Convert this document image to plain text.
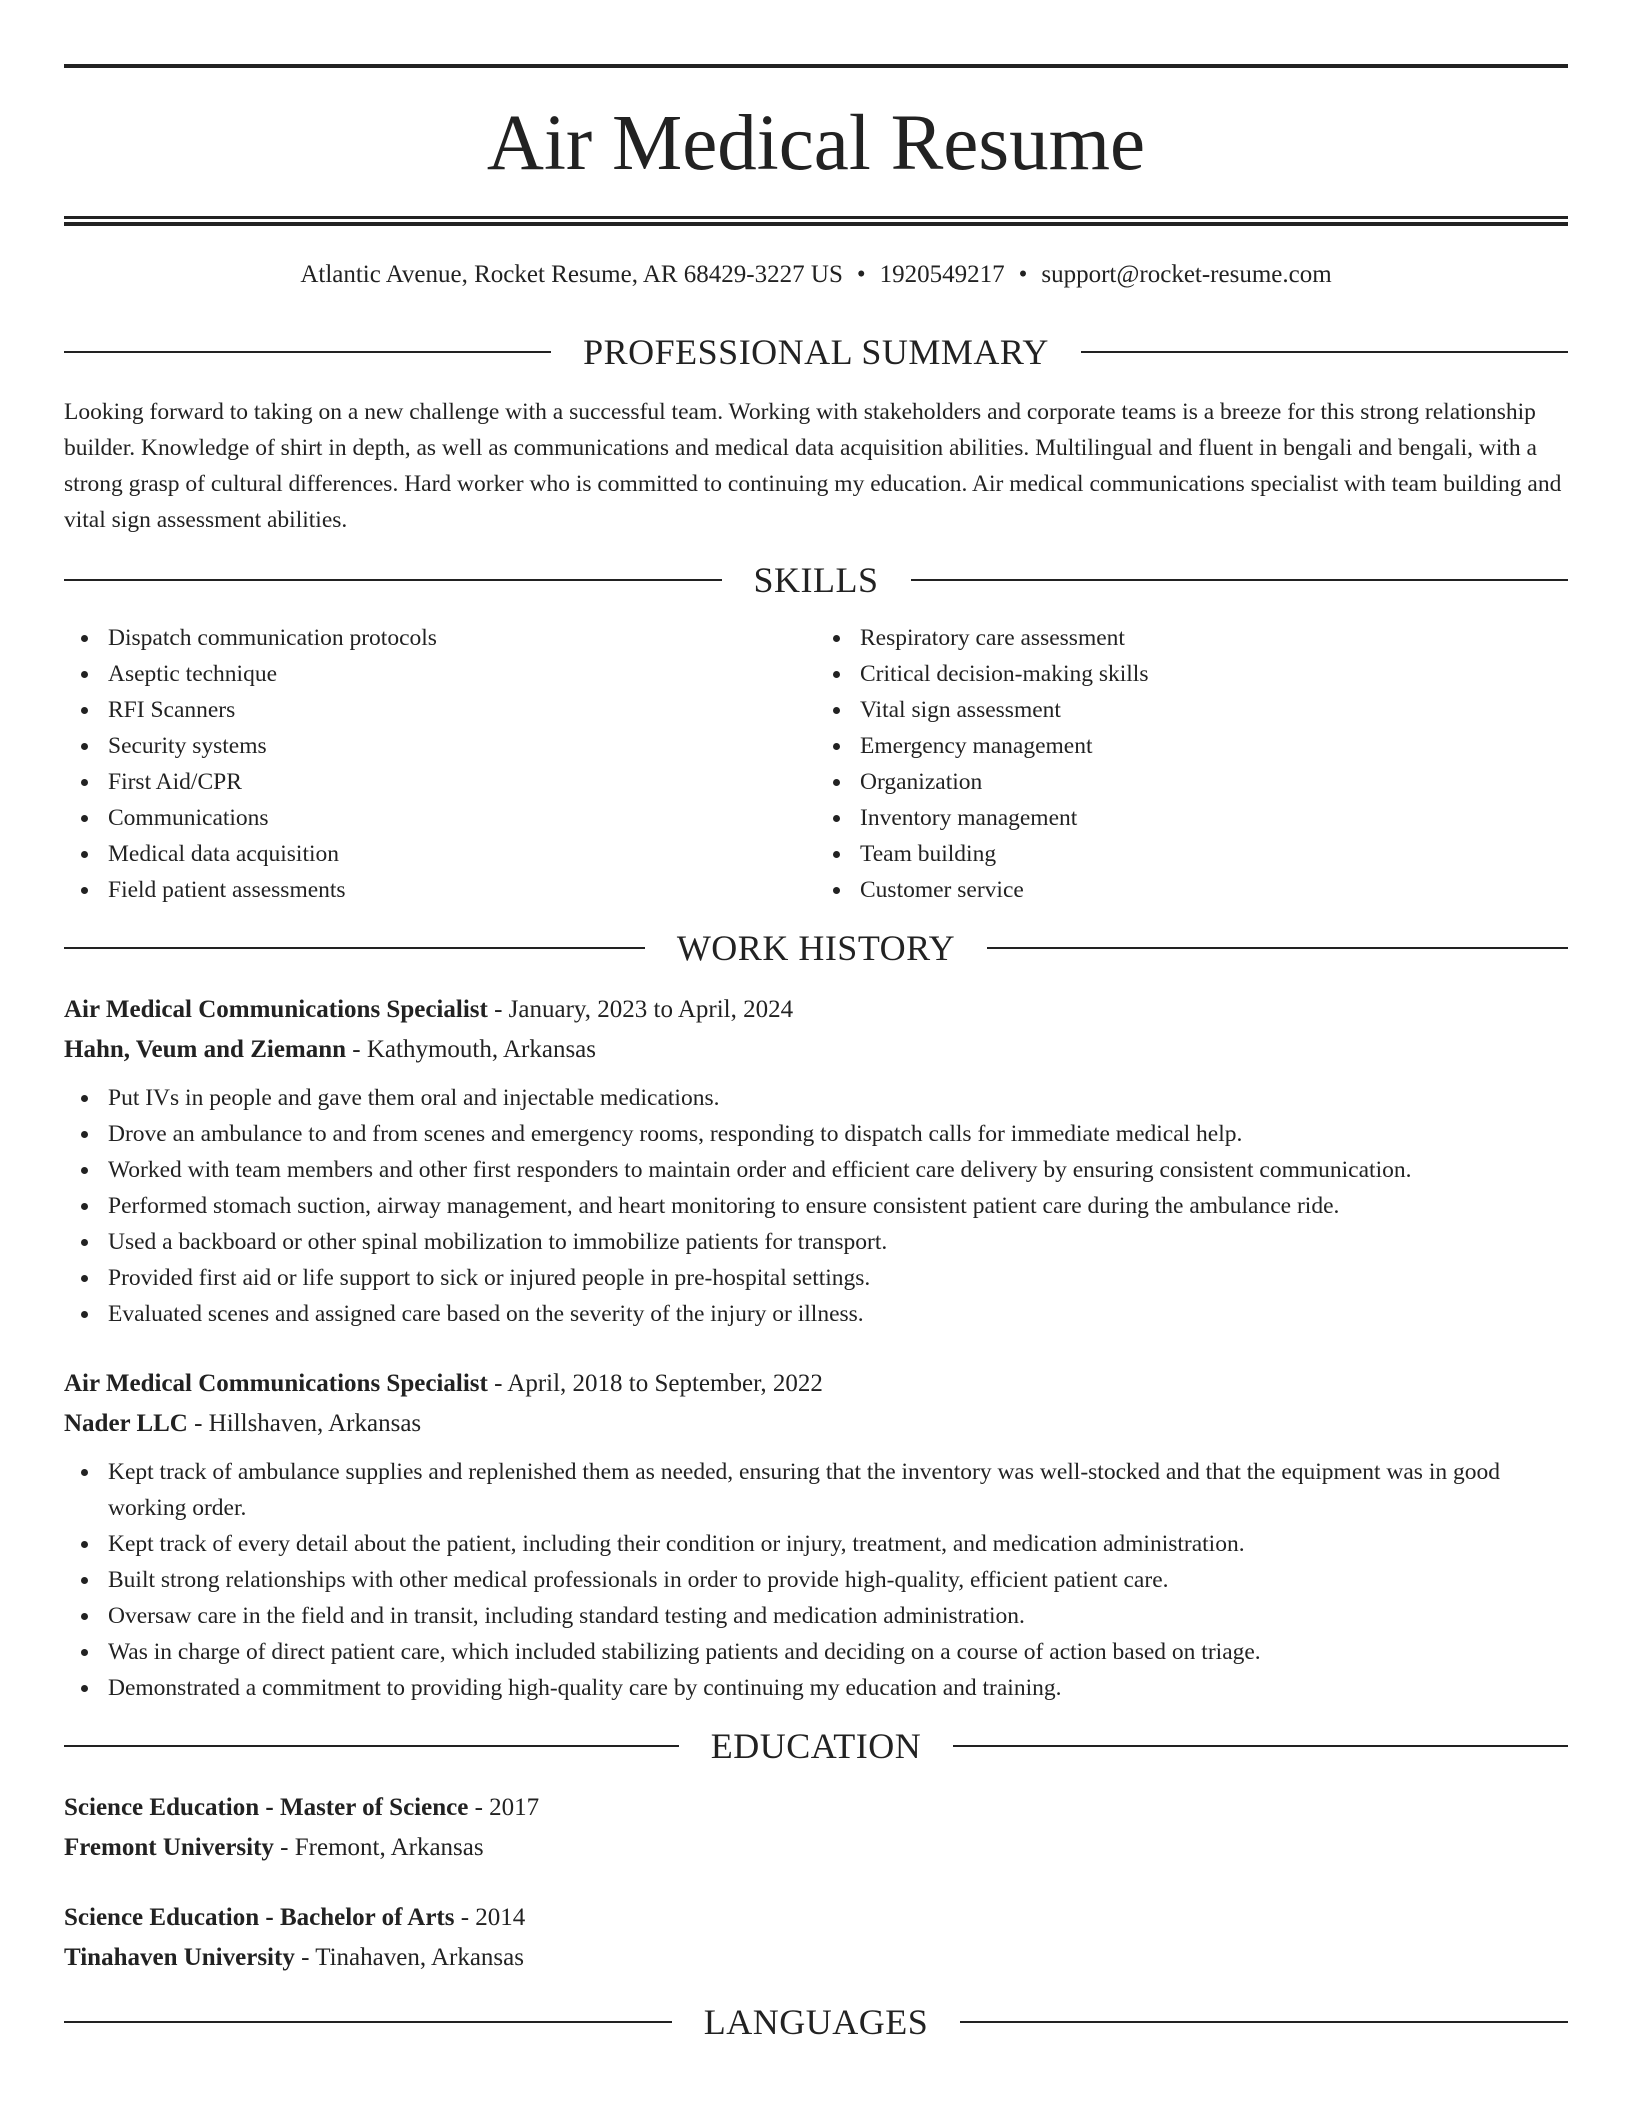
Air Medical Resume
Atlantic Avenue, Rocket Resume, AR 68429-3227 US • 1920549217 • support@rocket-resume.com
PROFESSIONAL SUMMARY

Looking forward to taking on a new challenge with a successful team. Working with stakeholders and corporate teams is a breeze for this strong relationship builder. Knowledge of shirt in depth, as well as communications and medical data acquisition abilities. Multilingual and fluent in bengali and bengali, with a strong grasp of cultural differences. Hard worker who is committed to continuing my education. Air medical communications specialist with team building and vital sign assessment abilities.

SKILLS
Dispatch communication protocols
Aseptic technique
RFI Scanners
Security systems
First Aid/CPR
Communications
Medical data acquisition
Field patient assessments
Respiratory care assessment
Critical decision-making skills
Vital sign assessment
Emergency management
Organization
Inventory management
Team building
Customer service
WORK HISTORY
Air Medical Communications Specialist - January, 2023 to April, 2024
Hahn, Veum and Ziemann - Kathymouth, Arkansas
Put IVs in people and gave them oral and injectable medications.
Drove an ambulance to and from scenes and emergency rooms, responding to dispatch calls for immediate medical help.
Worked with team members and other first responders to maintain order and efficient care delivery by ensuring consistent communication.
Performed stomach suction, airway management, and heart monitoring to ensure consistent patient care during the ambulance ride.
Used a backboard or other spinal mobilization to immobilize patients for transport.
Provided first aid or life support to sick or injured people in pre-hospital settings.
Evaluated scenes and assigned care based on the severity of the injury or illness.
Air Medical Communications Specialist - April, 2018 to September, 2022
Nader LLC - Hillshaven, Arkansas
Kept track of ambulance supplies and replenished them as needed, ensuring that the inventory was well-stocked and that the equipment was in good working order.
Kept track of every detail about the patient, including their condition or injury, treatment, and medication administration.
Built strong relationships with other medical professionals in order to provide high-quality, efficient patient care.
Oversaw care in the field and in transit, including standard testing and medication administration.
Was in charge of direct patient care, which included stabilizing patients and deciding on a course of action based on triage.
Demonstrated a commitment to providing high-quality care by continuing my education and training.
EDUCATION
Science Education - Master of Science - 2017
Fremont University - Fremont, Arkansas
Science Education - Bachelor of Arts - 2014
Tinahaven University - Tinahaven, Arkansas
LANGUAGES
